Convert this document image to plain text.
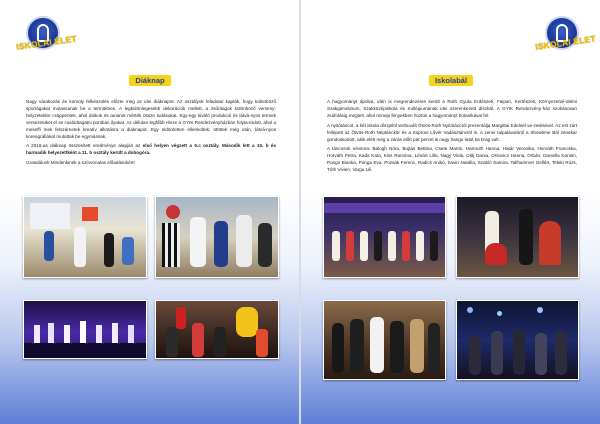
ISKOLAI ÉLET
Diáknap

Nagy várakozás és komoly felkészülés előzte meg az idei diáknapot. Az osztályok feladatul kapták, hogy különböző sportágakat mutassanak be a termükben. A legkülönlegesebb dekorációk mellett, a zsűritagok különböző verseny-helyzetekbe csöppentek, ahol diákok és tanárok mérték össze tudásukat. Egy-egy kiváló produkció és látvá-nyos termek versezetüket el se csalódtagatni pontban ilyakat. Az délutan legfőbb része a GYIK Rendezvényházban folyta-tódott, ahol a meseffi mek felszárnetek kreatív alkotásra a diáknapot. Egy eldöntetten ellenkoltek; ütöttek még után, látvá-nyos koreográfiákat mutattak be egymásnak.

A 2018-as diáknap összesített eredménye alapján az első helyen végzett a 9.c osztály. Második lett a 10. b és harmadik helyezettként a 11. b osztály került a dobogóra.

Gratulálunk Mindenkinek a színvonalas előadásokért!

ISKOLAI ÉLET
Iskolabál

A hagyományt ápolva, idén is megrendezésre került a Roth Gyula Erdészeti, Faipari, Kertészeti, Környezetvé-delmi Szakgimnázium, Szakközépiskola és Kollégiumának idei szerenkezett díszbál. A GYIK Rendezvény-ház szokásosan zsúfolásig megtelt, ahol ünnepi fényekben hoztuk a hagyományt botanikával fel.

A nyitótáncot, a két iskola díszjelöl verbuvált Ötvös-Roth Nyitótánctól prezentálja Margittai Edelnél ve-zetésével. Az est zárt fellépett az Ötvös-Roth Néptánckör és a Soproni Lővér Vadásztánctól is. A zenei talpalávalóról a Showtime Bál zenekar gondoskodott, akik elétt még a zárás előtt pár percel is nagy hangu-latot ka brag vult.

A táncosok névsora: Balogh Nóra, Bujtás Bettina, Csete Martin, Harmuth Hanna, Határ Veronika, Horváth Franciska, Horváth Petra, Kada Kata, Kiss Ramóna, Lénárt Lilla, Nagy Viola, Oláj Dania, Orsovicz Hanna, Orbán, Daniella Karolin, Pongo Bianka, Ponga Eva, Pozsák Ferenc, Radics Anikó, Savin Natália, Szabló Samira, Tallhammer Gellért, Teleki Rózs, Tóth Vivien, Vargu Lili.
